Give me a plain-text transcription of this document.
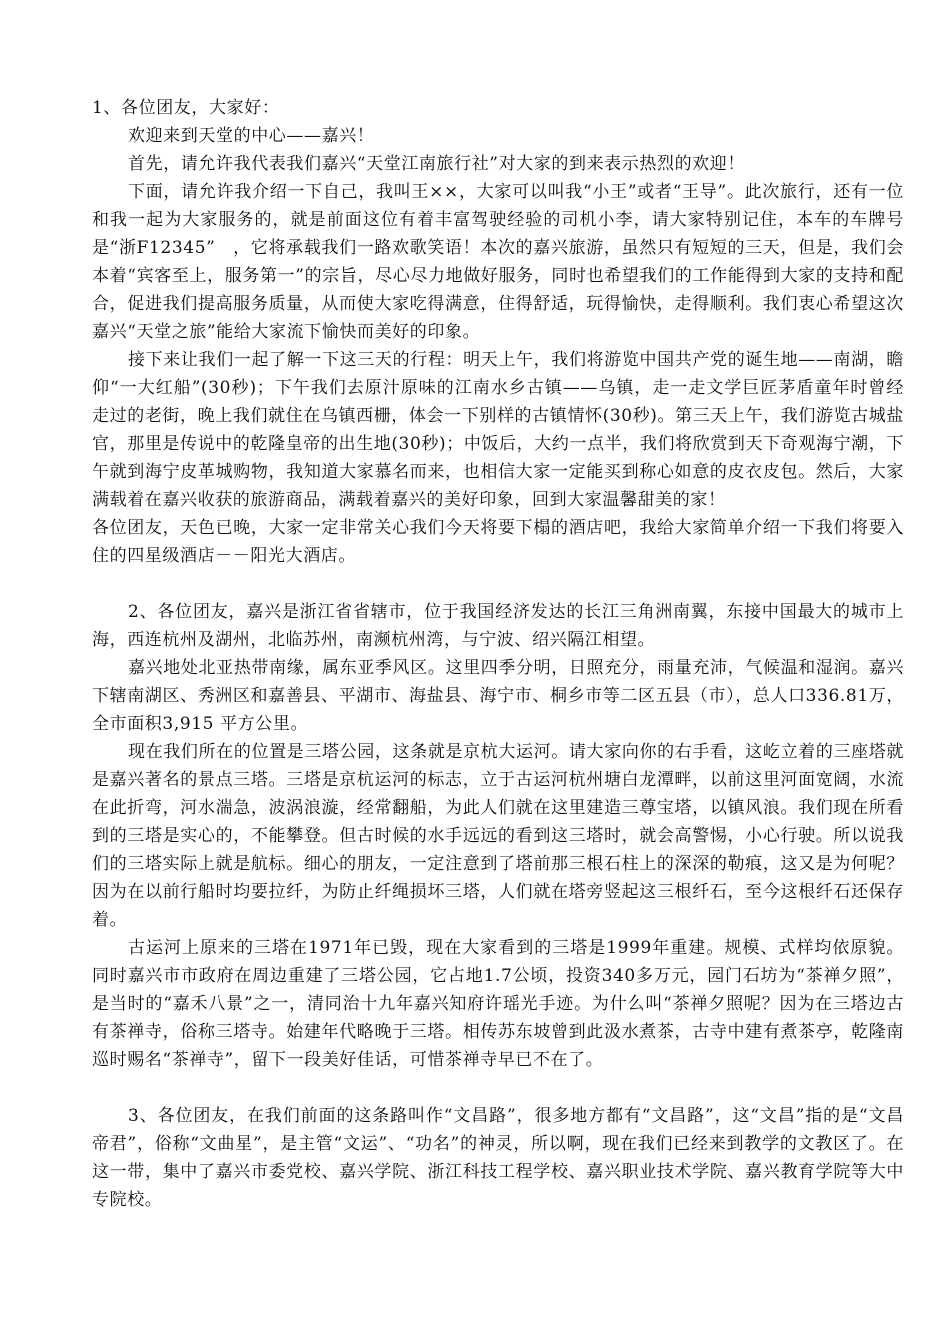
1、各位团友，大家好：

欢迎来到天堂的中心——嘉兴！

首先，请允许我代表我们嘉兴“天堂江南旅行社”对大家的到来表示热烈的欢迎！

下面，请允许我介绍一下自己，我叫王××，大家可以叫我“小王”或者“王导”。此次旅行，还有一位和我一起为大家服务的，就是前面这位有着丰富驾驶经验的司机小李，请大家特别记住，本车的车牌号是“浙F12345”　，它将承载我们一路欢歌笑语！本次的嘉兴旅游，虽然只有短短的三天，但是，我们会本着“宾客至上，服务第一”的宗旨，尽心尽力地做好服务，同时也希望我们的工作能得到大家的支持和配合，促进我们提高服务质量，从而使大家吃得满意，住得舒适，玩得愉快，走得顺利。我们衷心希望这次嘉兴“天堂之旅”能给大家流下愉快而美好的印象。

接下来让我们一起了解一下这三天的行程：明天上午，我们将游览中国共产党的诞生地——南湖，瞻仰“一大红船”(30秒)；下午我们去原汁原味的江南水乡古镇——乌镇，走一走文学巨匠茅盾童年时曾经走过的老街，晚上我们就住在乌镇西栅，体会一下别样的古镇情怀(30秒)。第三天上午，我们游览古城盐官，那里是传说中的乾隆皇帝的出生地(30秒)；中饭后，大约一点半，我们将欣赏到天下奇观海宁潮，下午就到海宁皮革城购物，我知道大家慕名而来，也相信大家一定能买到称心如意的皮衣皮包。然后，大家满载着在嘉兴收获的旅游商品，满载着嘉兴的美好印象，回到大家温馨甜美的家！

各位团友，天色已晚，大家一定非常关心我们今天将要下榻的酒店吧，我给大家简单介绍一下我们将要入住的四星级酒店－－阳光大酒店。

2、各位团友，嘉兴是浙江省省辖市，位于我国经济发达的长江三角洲南翼，东接中国最大的城市上海，西连杭州及湖州，北临苏州，南濒杭州湾，与宁波、绍兴隔江相望。

嘉兴地处北亚热带南缘，属东亚季风区。这里四季分明，日照充分，雨量充沛，气候温和湿润。嘉兴下辖南湖区、秀洲区和嘉善县、平湖市、海盐县、海宁市、桐乡市等二区五县（市），总人口336.81万，全市面积3,915 平方公里。

现在我们所在的位置是三塔公园，这条就是京杭大运河。请大家向你的右手看，这屹立着的三座塔就是嘉兴著名的景点三塔。三塔是京杭运河的标志，立于古运河杭州塘白龙潭畔，以前这里河面宽阔，水流在此折弯，河水湍急，波涡浪漩，经常翻船，为此人们就在这里建造三尊宝塔，以镇风浪。我们现在所看到的三塔是实心的，不能攀登。但古时候的水手远远的看到这三塔时，就会高警惕，小心行驶。所以说我们的三塔实际上就是航标。细心的朋友，一定注意到了塔前那三根石柱上的深深的勒痕，这又是为何呢？因为在以前行船时均要拉纤，为防止纤绳损坏三塔，人们就在塔旁竖起这三根纤石，至今这根纤石还保存着。

古运河上原来的三塔在1971年已毁，现在大家看到的三塔是1999年重建。规模、式样均依原貌。同时嘉兴市市政府在周边重建了三塔公园，它占地1.7公顷，投资340多万元，园门石坊为“茶禅夕照”，是当时的“嘉禾八景”之一，清同治十九年嘉兴知府许瑶光手迹。为什么叫“茶禅夕照呢？因为在三塔边古有茶禅寺，俗称三塔寺。始建年代略晚于三塔。相传苏东坡曾到此汲水煮茶，古寺中建有煮茶亭，乾隆南巡时赐名“茶禅寺”，留下一段美好佳话，可惜茶禅寺早已不在了。

3、各位团友，在我们前面的这条路叫作“文昌路”，很多地方都有“文昌路”，这“文昌”指的是“文昌帝君”，俗称“文曲星”，是主管“文运”、“功名”的神灵，所以啊，现在我们已经来到教学的文教区了。在这一带，集中了嘉兴市委党校、嘉兴学院、浙江科技工程学校、嘉兴职业技术学院、嘉兴教育学院等大中专院校。
